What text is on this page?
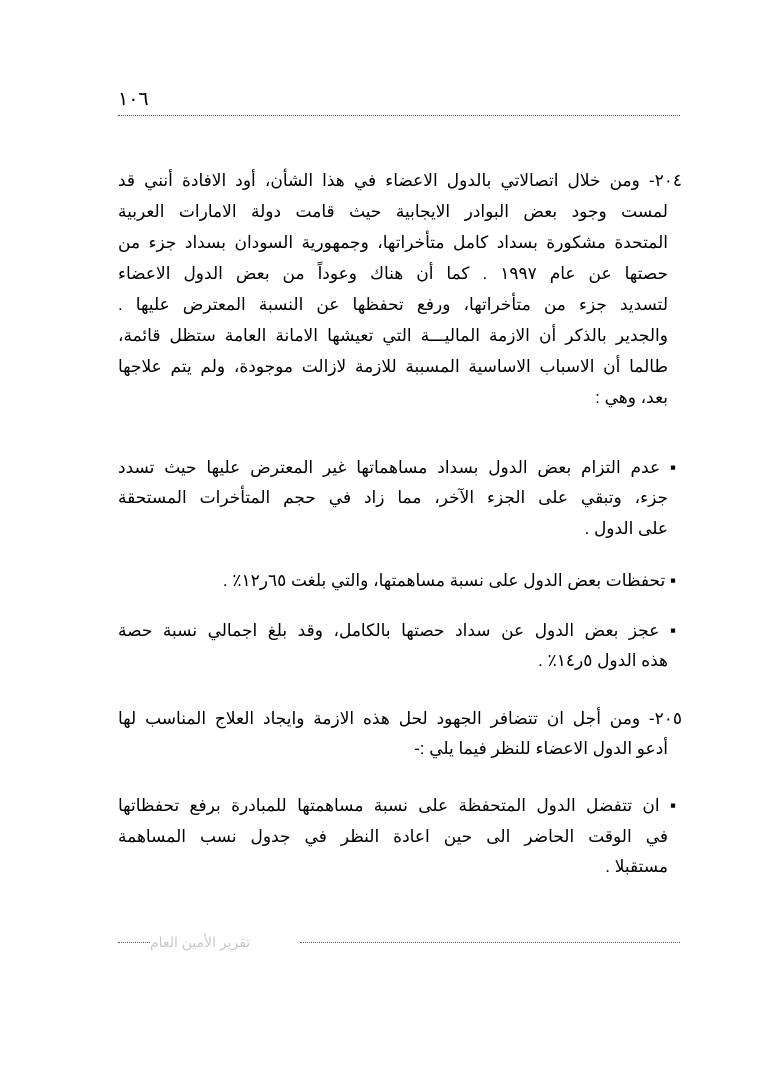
١٠٦
٢٠٤- ومن خلال اتصالاتي بالدول الاعضاء في هذا الشأن، أود الافادة أنني قد
لمست وجود بعض البوادر الايجابية حيث قامت دولة الامارات العربية
المتحدة مشكورة بسداد كامل متأخراتها، وجمهورية السودان بسداد جزء من
حصتها عن عام ١٩٩٧ . كما أن هناك وعوداً من بعض الدول الاعضاء
لتسديد جزء من متأخراتها، ورفع تحفظها عن النسبة المعترض عليها .
والجدير بالذكر أن الازمة الماليـــة التي تعيشها الامانة العامة ستظل قائمة،
طالما أن الاسباب الاساسية المسببة للازمة لازالت موجودة، ولم يتم علاجها
بعد، وهي :
▪ عدم التزام بعض الدول بسداد مساهماتها غير المعترض عليها حيث تسدد
جزء، وتبقي على الجزء الآخر، مما زاد في حجم المتأخرات المستحقة
على الدول .
▪ تحفظات بعض الدول على نسبة مساهمتها، والتي بلغت ٦٥ر١٢٪ .
▪ عجز بعض الدول عن سداد حصتها بالكامل، وقد بلغ اجمالي نسبة حصة
هذه الدول ٥ر١٤٪ .
٢٠٥- ومن أجل ان تتضافر الجهود لحل هذه الازمة وايجاد العلاج المناسب لها
أدعو الدول الاعضاء للنظر فيما يلي :-
▪ ان تتفضل الدول المتحفظة على نسبة مساهمتها للمبادرة برفع تحفظاتها
في الوقت الحاضر الى حين اعادة النظر في جدول نسب المساهمة
مستقبلا .
تقرير الأمين العام
